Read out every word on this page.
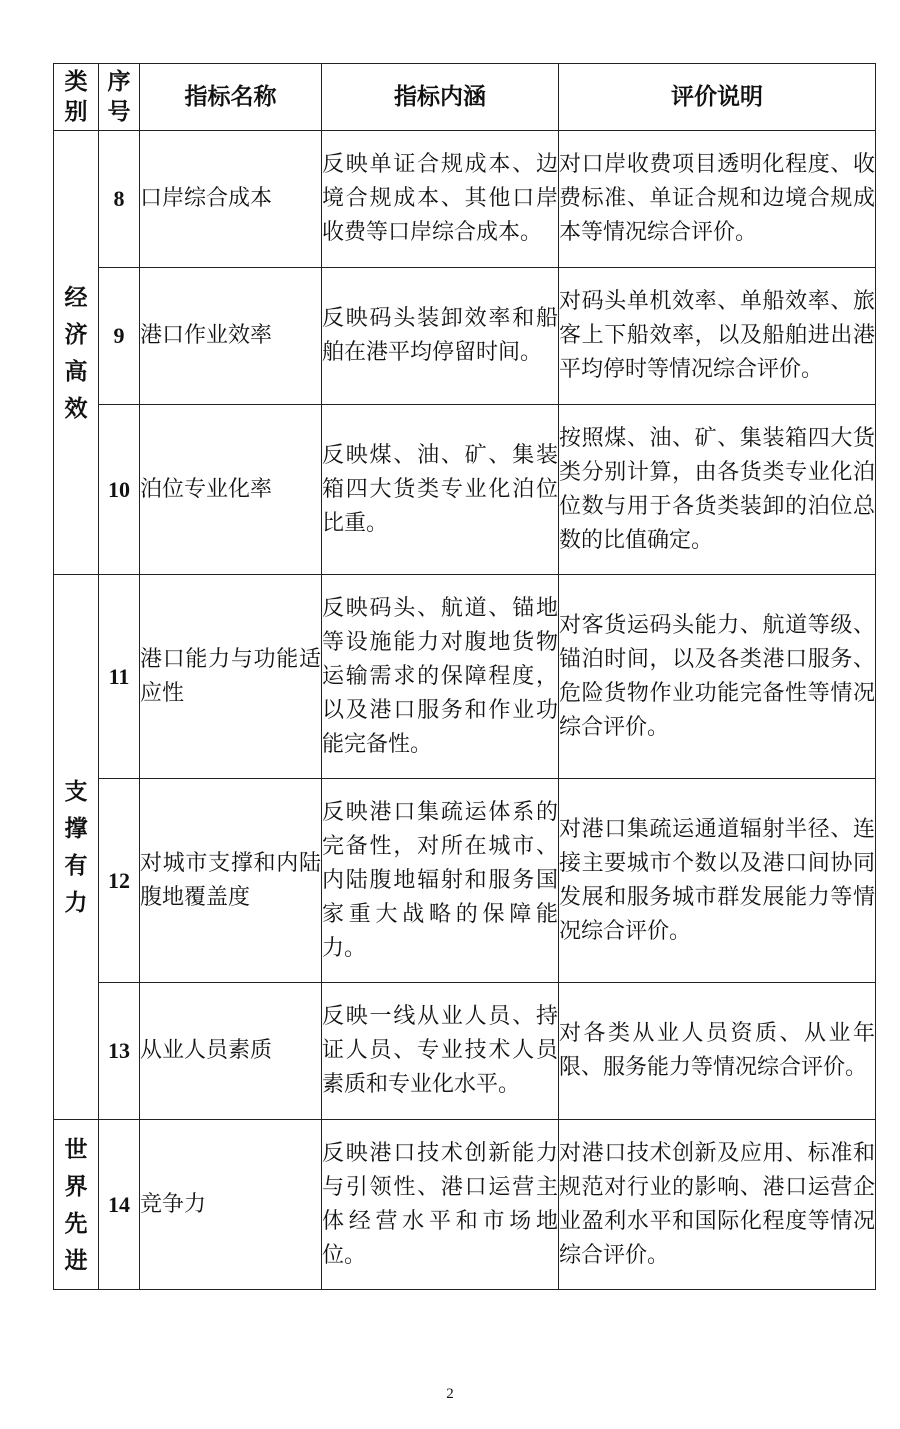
类别	序号	指标名称	指标内涵	评价说明
经济高效	8	口岸综合成本	反映单证合规成本、边境合规成本、其他口岸收费等口岸综合成本。	对口岸收费项目透明化程度、收费标准、单证合规和边境合规成本等情况综合评价。
	9	港口作业效率	反映码头装卸效率和船舶在港平均停留时间。	对码头单机效率、单船效率、旅客上下船效率，以及船舶进出港平均停时等情况综合评价。
	10	泊位专业化率	反映煤、油、矿、集装箱四大货类专业化泊位比重。	按照煤、油、矿、集装箱四大货类分别计算，由各货类专业化泊位数与用于各货类装卸的泊位总数的比值确定。
支撑有力	11	港口能力与功能适应性	反映码头、航道、锚地等设施能力对腹地货物运输需求的保障程度，以及港口服务和作业功能完备性。	对客货运码头能力、航道等级、锚泊时间，以及各类港口服务、危险货物作业功能完备性等情况综合评价。
	12	对城市支撑和内陆腹地覆盖度	反映港口集疏运体系的完备性，对所在城市、内陆腹地辐射和服务国家重大战略的保障能力。	对港口集疏运通道辐射半径、连接主要城市个数以及港口间协同发展和服务城市群发展能力等情况综合评价。
	13	从业人员素质	反映一线从业人员、持证人员、专业技术人员素质和专业化水平。	对各类从业人员资质、从业年限、服务能力等情况综合评价。
世界先进	14	竞争力	反映港口技术创新能力与引领性、港口运营主体经营水平和市场地位。	对港口技术创新及应用、标准和规范对行业的影响、港口运营企业盈利水平和国际化程度等情况综合评价。
2
